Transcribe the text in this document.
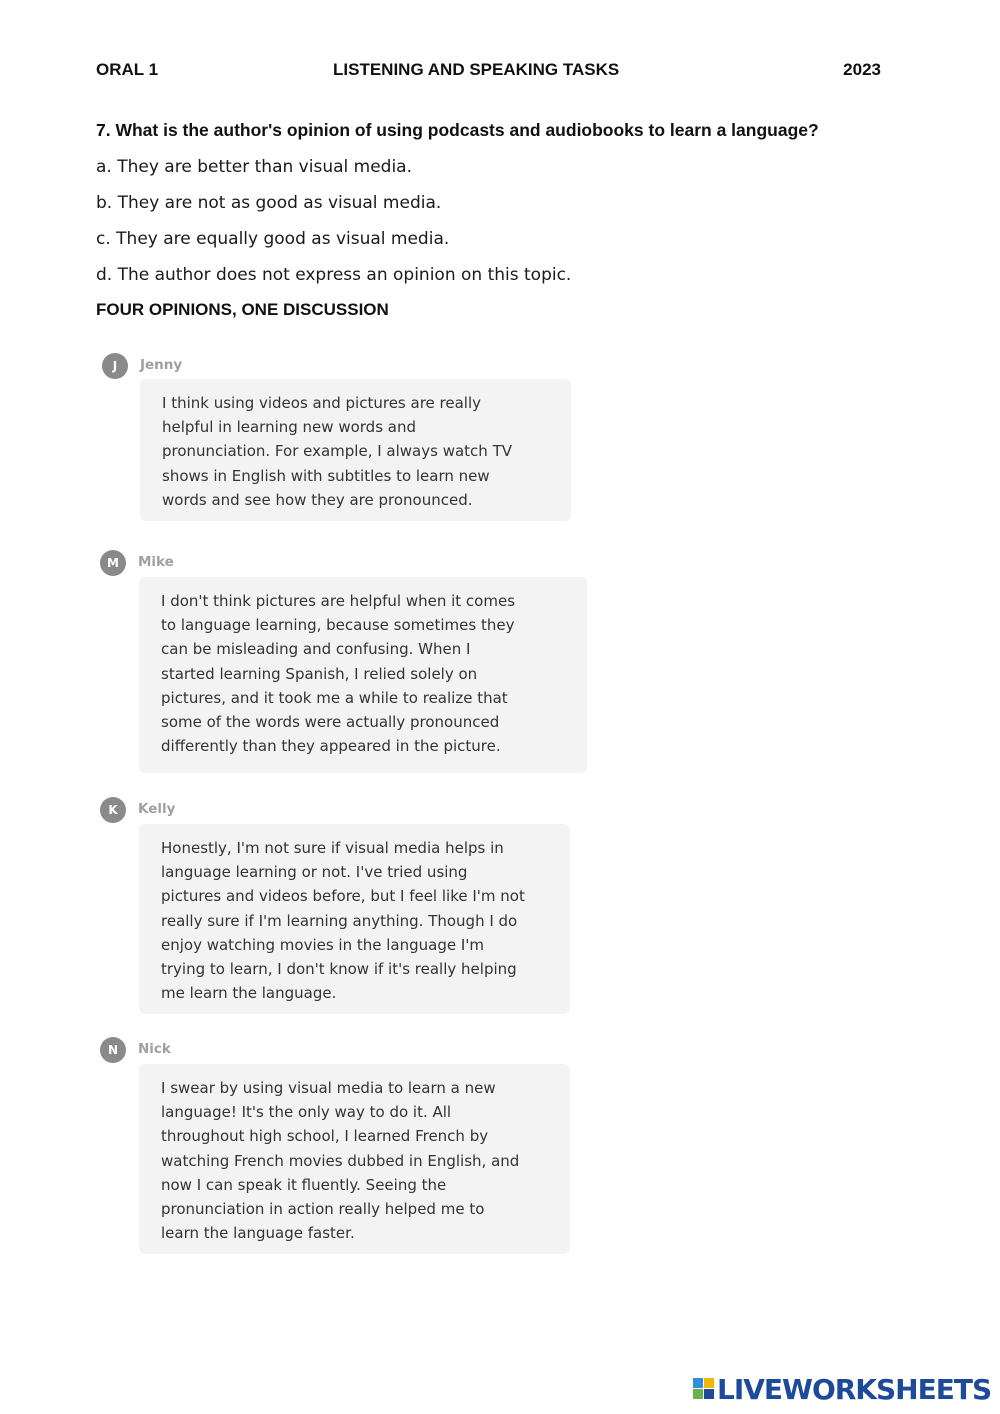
ORAL 1	LISTENING AND SPEAKING TASKS	2023
7. What is the author's opinion of using podcasts and audiobooks to learn a language?
a. They are better than visual media.
b. They are not as good as visual media.
c. They are equally good as visual media.
d. The author does not express an opinion on this topic.
FOUR OPINIONS, ONE DISCUSSION
J	Jenny

I think using videos and pictures are really

helpful in learning new words and

pronunciation. For example, I always watch TV

shows in English with subtitles to learn new

words and see how they are pronounced.

M	Mike

I don't think pictures are helpful when it comes

to language learning, because sometimes they

can be misleading and confusing. When I

started learning Spanish, I relied solely on

pictures, and it took me a while to realize that

some of the words were actually pronounced

differently than they appeared in the picture.

K	Kelly

Honestly, I'm not sure if visual media helps in

language learning or not. I've tried using

pictures and videos before, but I feel like I'm not

really sure if I'm learning anything. Though I do

enjoy watching movies in the language I'm

trying to learn, I don't know if it's really helping

me learn the language.

N	Nick

I swear by using visual media to learn a new

language! It's the only way to do it. All

throughout high school, I learned French by

watching French movies dubbed in English, and

now I can speak it fluently. Seeing the

pronunciation in action really helped me to

learn the language faster.

LIVEWORKSHEETS
